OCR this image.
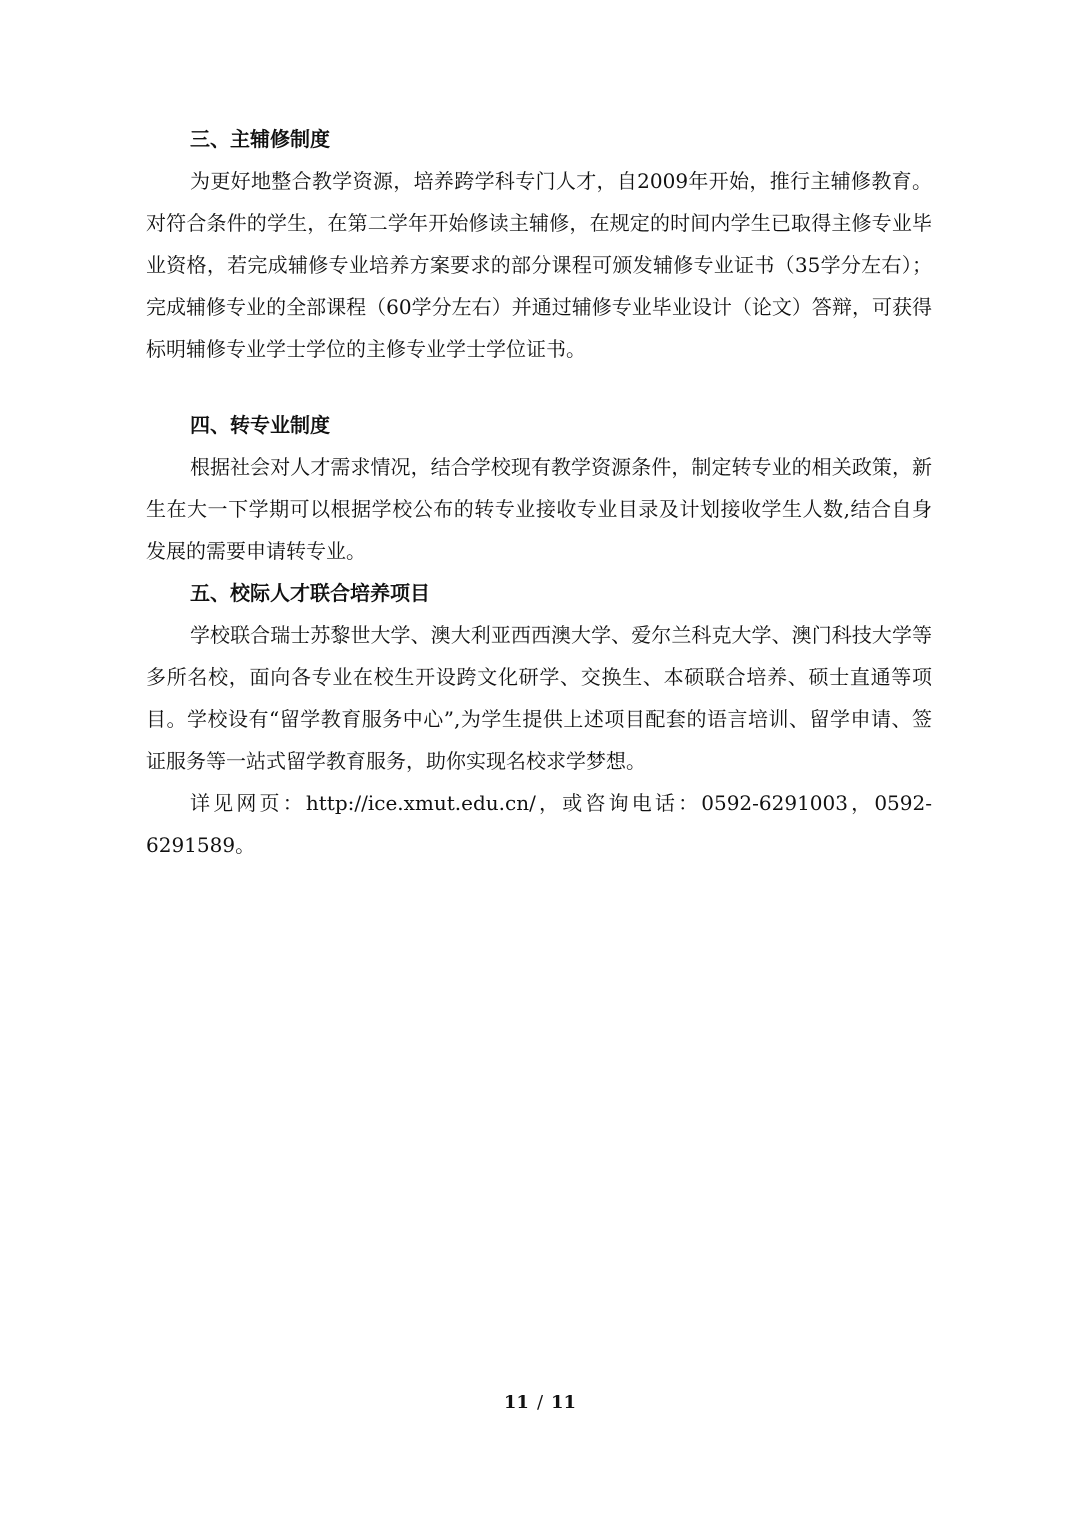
三、主辅修制度

为更好地整合教学资源，培养跨学科专门人才，自2009年开始，推行主辅修教育。对符合条件的学生，在第二学年开始修读主辅修，在规定的时间内学生已取得主修专业毕业资格，若完成辅修专业培养方案要求的部分课程可颁发辅修专业证书（35学分左右）；完成辅修专业的全部课程（60学分左右）并通过辅修专业毕业设计（论文）答辩，可获得标明辅修专业学士学位的主修专业学士学位证书。

四、转专业制度

根据社会对人才需求情况，结合学校现有教学资源条件，制定转专业的相关政策，新生在大一下学期可以根据学校公布的转专业接收专业目录及计划接收学生人数,结合自身发展的需要申请转专业。

五、校际人才联合培养项目

学校联合瑞士苏黎世大学、澳大利亚西西澳大学、爱尔兰科克大学、澳门科技大学等多所名校，面向各专业在校生开设跨文化研学、交换生、本硕联合培养、硕士直通等项目。学校设有“留学教育服务中心”,为学生提供上述项目配套的语言培训、留学申请、签证服务等一站式留学教育服务，助你实现名校求学梦想。

详见网页：http://ice.xmut.edu.cn/，或咨询电话：0592-6291003，0592-6291589。

11 / 11
